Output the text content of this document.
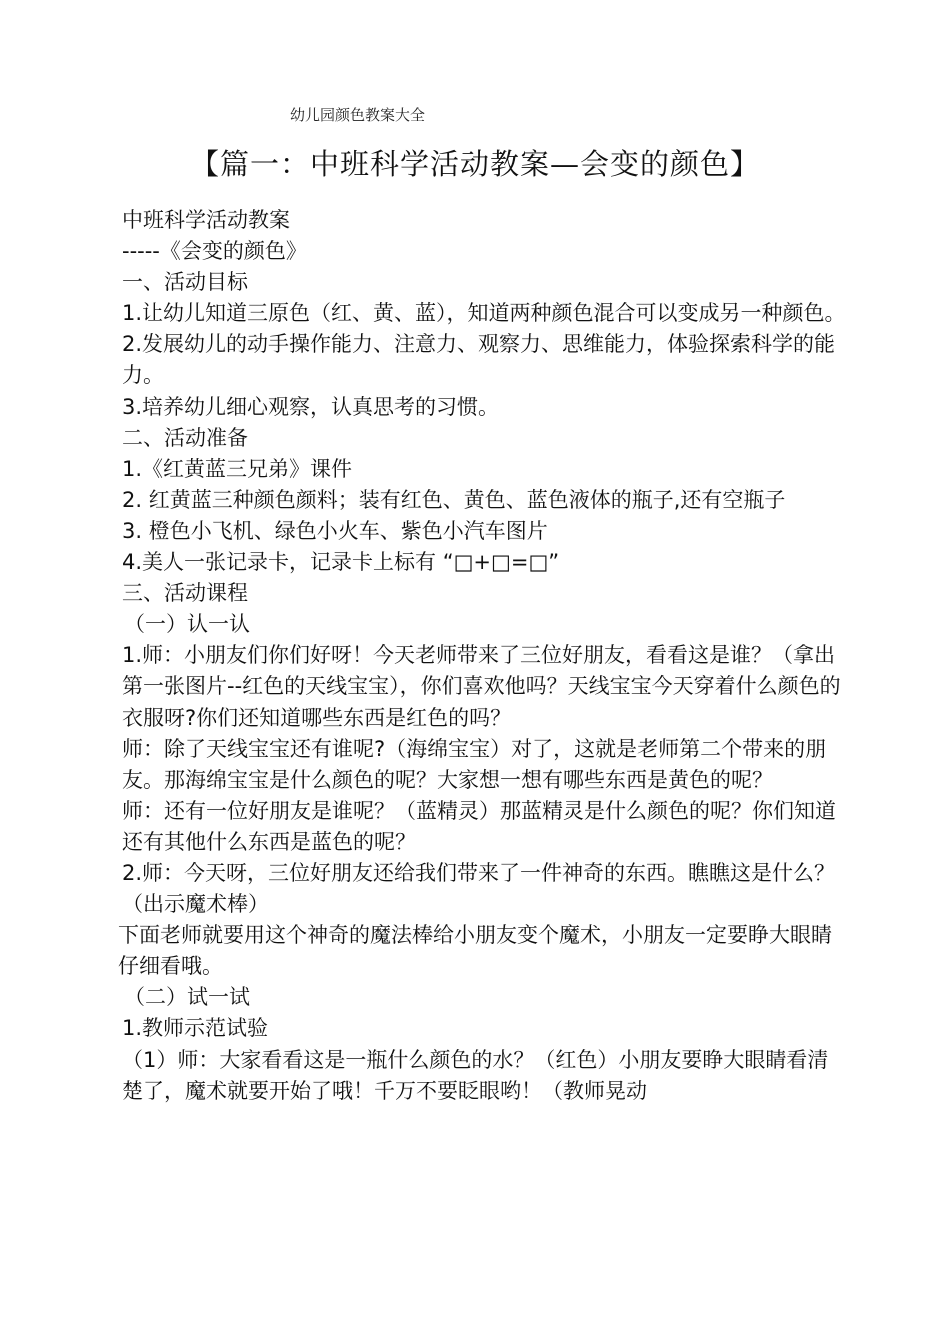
幼儿园颜色教案大全

【篇一：中班科学活动教案—会变的颜色】

中班科学活动教案

-----《会变的颜色》

一、活动目标

1.让幼儿知道三原色（红、黄、蓝），知道两种颜色混合可以变成另一种颜色。

2.发展幼儿的动手操作能力、注意力、观察力、思维能力，体验探索科学的能力。

3.培养幼儿细心观察，认真思考的习惯。

二、活动准备

1.《红黄蓝三兄弟》课件

2. 红黄蓝三种颜色颜料；装有红色、黄色、蓝色液体的瓶子,还有空瓶子

3. 橙色小飞机、绿色小火车、紫色小汽车图片

4.美人一张记录卡，记录卡上标有 “□+□=□”

三、活动课程

（一）认一认

1.师：小朋友们你们好呀！今天老师带来了三位好朋友，看看这是谁？（拿出第一张图片--红色的天线宝宝），你们喜欢他吗？天线宝宝今天穿着什么颜色的衣服呀?你们还知道哪些东西是红色的吗？

师：除了天线宝宝还有谁呢?（海绵宝宝）对了，这就是老师第二个带来的朋友。那海绵宝宝是什么颜色的呢？大家想一想有哪些东西是黄色的呢？

师：还有一位好朋友是谁呢？（蓝精灵）那蓝精灵是什么颜色的呢？你们知道还有其他什么东西是蓝色的呢？

2.师：今天呀，三位好朋友还给我们带来了一件神奇的东西。瞧瞧这是什么？（出示魔术棒）

下面老师就要用这个神奇的魔法棒给小朋友变个魔术，小朋友一定要睁大眼睛仔细看哦。

（二）试一试

1.教师示范试验

（1）师：大家看看这是一瓶什么颜色的水？（红色）小朋友要睁大眼睛看清楚了，魔术就要开始了哦！千万不要眨眼哟！（教师晃动
